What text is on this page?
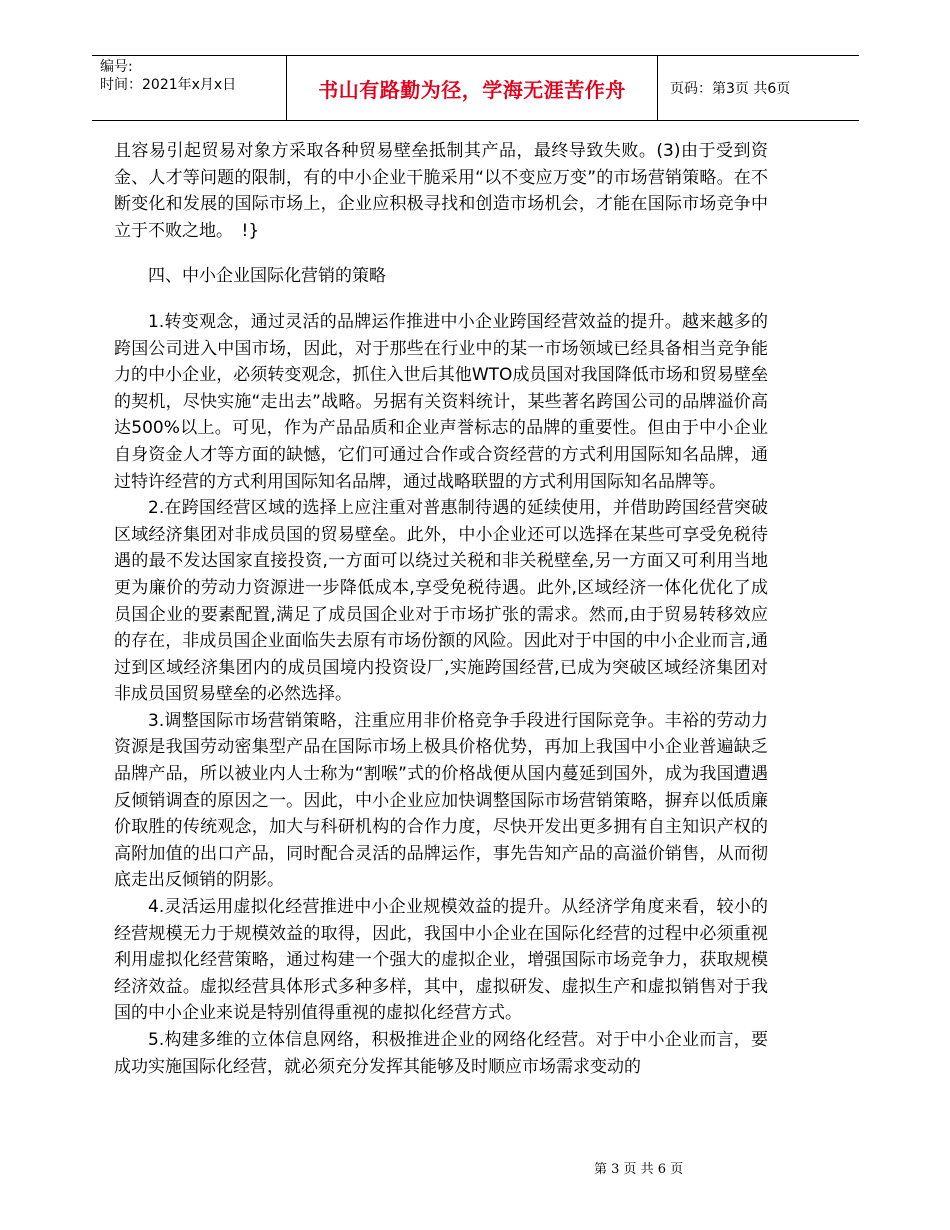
编号:
时间：2021年x月x日	书山有路勤为径，学海无涯苦作舟	页码：第3页 共6页

且容易引起贸易对象方采取各种贸易壁垒抵制其产品，最终导致失败。(3)由于受到资金、人才等问题的限制，有的中小企业干脆采用“以不变应万变”的市场营销策略。在不断变化和发展的国际市场上，企业应积极寻找和创造市场机会，才能在国际市场竞争中立于不败之地。　!}

四、中小企业国际化营销的策略

1.转变观念，通过灵活的品牌运作推进中小企业跨国经营效益的提升。越来越多的跨国公司进入中国市场，因此，对于那些在行业中的某一市场领域已经具备相当竞争能力的中小企业，必须转变观念，抓住入世后其他WTO成员国对我国降低市场和贸易壁垒的契机，尽快实施“走出去”战略。另据有关资料统计，某些著名跨国公司的品牌溢价高达500%以上。可见，作为产品品质和企业声誉标志的品牌的重要性。但由于中小企业自身资金人才等方面的缺憾，它们可通过合作或合资经营的方式利用国际知名品牌，通过特许经营的方式利用国际知名品牌，通过战略联盟的方式利用国际知名品牌等。

2.在跨国经营区域的选择上应注重对普惠制待遇的延续使用，并借助跨国经营突破区域经济集团对非成员国的贸易壁垒。此外，中小企业还可以选择在某些可享受免税待遇的最不发达国家直接投资,一方面可以绕过关税和非关税壁垒,另一方面又可利用当地更为廉价的劳动力资源进一步降低成本,享受免税待遇。此外,区域经济一体化优化了成员国企业的要素配置,满足了成员国企业对于市场扩张的需求。然而,由于贸易转移效应的存在，非成员国企业面临失去原有市场份额的风险。因此对于中国的中小企业而言,通过到区域经济集团内的成员国境内投资设厂,实施跨国经营,已成为突破区域经济集团对非成员国贸易壁垒的必然选择。

3.调整国际市场营销策略，注重应用非价格竞争手段进行国际竞争。丰裕的劳动力资源是我国劳动密集型产品在国际市场上极具价格优势，再加上我国中小企业普遍缺乏品牌产品，所以被业内人士称为“割喉”式的价格战便从国内蔓延到国外，成为我国遭遇反倾销调查的原因之一。因此，中小企业应加快调整国际市场营销策略，摒弃以低质廉价取胜的传统观念，加大与科研机构的合作力度，尽快开发出更多拥有自主知识产权的高附加值的出口产品，同时配合灵活的品牌运作，事先告知产品的高溢价销售，从而彻底走出反倾销的阴影。

4.灵活运用虚拟化经营推进中小企业规模效益的提升。从经济学角度来看，较小的经营规模无力于规模效益的取得，因此，我国中小企业在国际化经营的过程中必须重视利用虚拟化经营策略，通过构建一个强大的虚拟企业，增强国际市场竞争力，获取规模经济效益。虚拟经营具体形式多种多样，其中，虚拟研发、虚拟生产和虚拟销售对于我国的中小企业来说是特别值得重视的虚拟化经营方式。

5.构建多维的立体信息网络，积极推进企业的网络化经营。对于中小企业而言，要成功实施国际化经营，就必须充分发挥其能够及时顺应市场需求变动的

第 3 页 共 6 页
